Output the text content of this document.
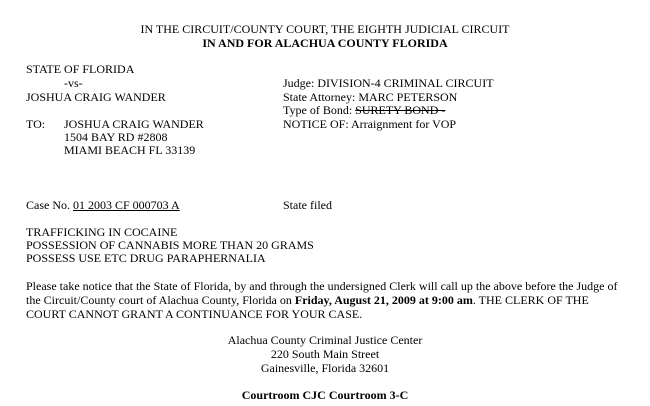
IN THE CIRCUIT/COUNTY COURT, THE EIGHTH JUDICIAL CIRCUIT
IN AND FOR ALACHUA COUNTY FLORIDA
STATE OF FLORIDA
-vs-
JOSHUA CRAIG WANDER
Judge: DIVISION-4 CRIMINAL CIRCUIT
State Attorney: MARC PETERSON
Type of Bond: SURETY BOND -
NOTICE OF: Arraignment for VOP
TO: JOSHUA CRAIG WANDER
1504 BAY RD #2808
MIAMI BEACH FL 33139
Case No. 01 2003 CF 000703 A	State filed
TRAFFICKING IN COCAINE
POSSESSION OF CANNABIS MORE THAN 20 GRAMS
POSSESS USE ETC DRUG PARAPHERNALIA
Please take notice that the State of Florida, by and through the undersigned Clerk will call up the above before the Judge of the Circuit/County court of Alachua County, Florida on Friday, August 21, 2009 at 9:00 am. THE CLERK OF THE COURT CANNOT GRANT A CONTINUANCE FOR YOUR CASE.
Alachua County Criminal Justice Center
220 South Main Street
Gainesville, Florida 32601
Courtroom CJC Courtroom 3-C
